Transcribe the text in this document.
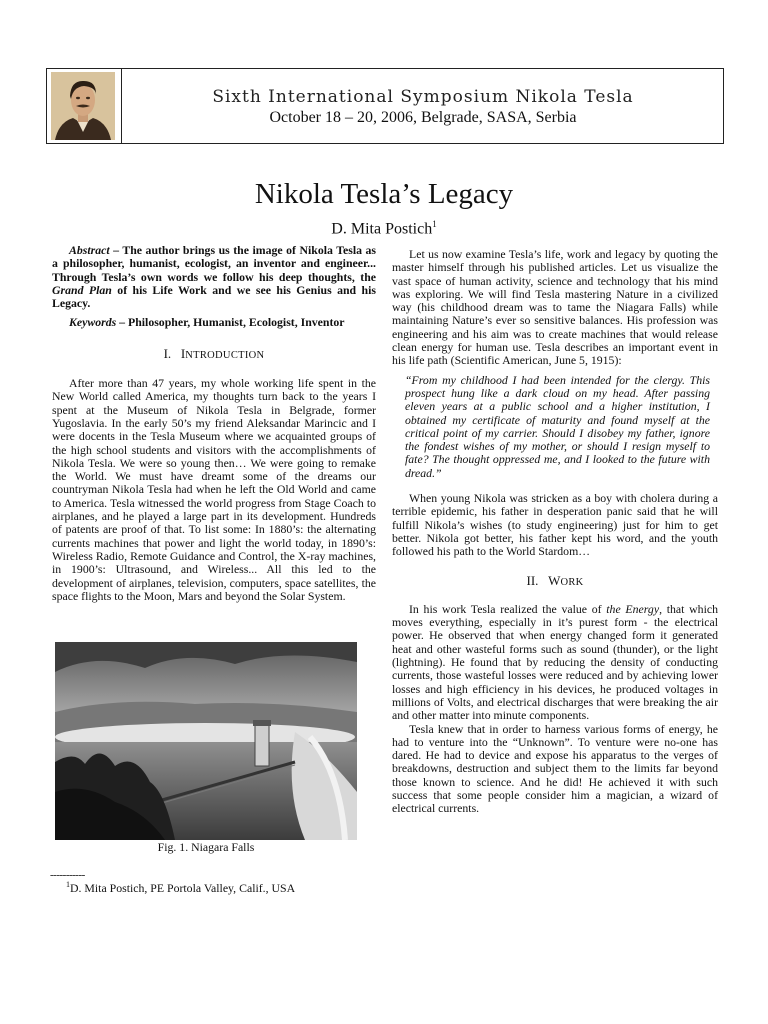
Sixth International Symposium Nikola Tesla
October 18 – 20, 2006, Belgrade, SASA, Serbia
Nikola Tesla’s Legacy
D. Mita Postich$^1$

Abstract – The author brings us the image of Nikola Tesla as a philosopher, humanist, ecologist, an inventor and engineer... Through Tesla’s own words we follow his deep thoughts, the Grand Plan of his Life Work and we see his Genius and his Legacy.

Keywords – Philosopher, Humanist, Ecologist, Inventor

I. INTRODUCTION

After more than 47 years, my whole working life spent in the New World called America, my thoughts turn back to the years I spent at the Museum of Nikola Tesla in Belgrade, former Yugoslavia. In the early 50’s my friend Aleksandar Marincic and I were docents in the Tesla Museum where we acquainted groups of the high school students and visitors with the accomplishments of Nikola Tesla. We were so young then… We were going to remake the World. We must have dreamt some of the dreams our countryman Nikola Tesla had when he left the Old World and came to America. Tesla witnessed the world progress from Stage Coach to airplanes, and he played a large part in its development. Hundreds of patents are proof of that. To list some: In 1880’s: the alternating currents machines that power and light the world today, in 1890’s: Wireless Radio, Remote Guidance and Control, the X-ray machines, in 1900’s: Ultrasound, and Wireless... All this led to the development of airplanes, television, computers, space satellites, the space flights to the Moon, Mars and beyond the Solar System.

Fig. 1. Niagara Falls
-----------
$^1$D. Mita Postich, PE Portola Valley, Calif., USA

Let us now examine Tesla’s life, work and legacy by quoting the master himself through his published articles. Let us visualize the vast space of human activity, science and technology that his mind was exploring. We will find Tesla mastering Nature in a civilized way (his childhood dream was to tame the Niagara Falls) while maintaining Nature’s ever so sensitive balances. His profession was engineering and his aim was to create machines that would release clean energy for human use. Tesla describes an important event in his life path (Scientific American, June 5, 1915):

“From my childhood I had been intended for the clergy. This prospect hung like a dark cloud on my head. After passing eleven years at a public school and a higher institution, I obtained my certificate of maturity and found myself at the critical point of my carrier. Should I disobey my father, ignore the fondest wishes of my mother, or should I resign myself to fate? The thought oppressed me, and I looked to the future with dread.”

When young Nikola was stricken as a boy with cholera during a terrible epidemic, his father in desperation panic said that he will fulfill Nikola’s wishes (to study engineering) just for him to get better. Nikola got better, his father kept his word, and the youth followed his path to the World Stardom…

II. WORK

In his work Tesla realized the value of the Energy, that which moves everything, especially in it’s purest form - the electrical power. He observed that when energy changed form it generated heat and other wasteful forms such as sound (thunder), or the light (lightning). He found that by reducing the density of conducting currents, those wasteful losses were reduced and by achieving lower losses and high efficiency in his devices, he produced voltages in millions of Volts, and electrical discharges that were breaking the air and other matter into minute components.

Tesla knew that in order to harness various forms of energy, he had to venture into the “Unknown”. To venture were no-one has dared. He had to device and expose his apparatus to the verges of breakdowns, destruction and subject them to the limits far beyond those known to science. And he did! He achieved it with such success that some people consider him a magician, a wizard of electrical currents.
